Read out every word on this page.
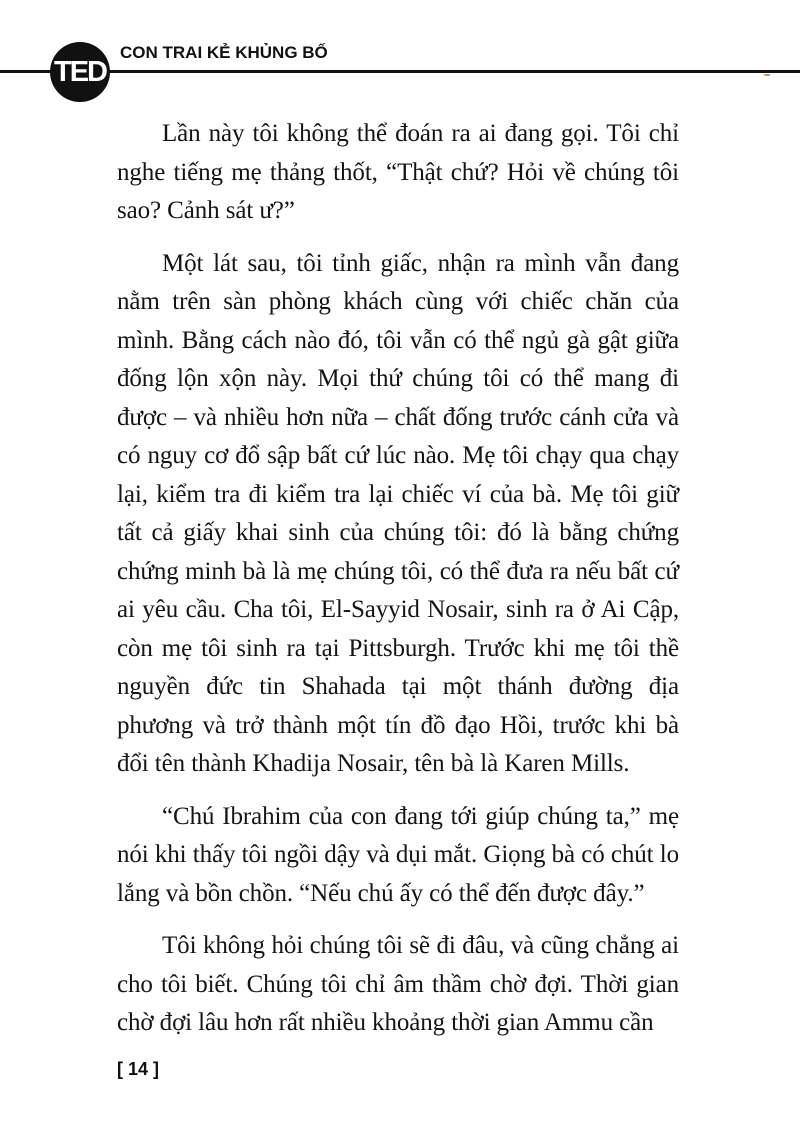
TED
CON TRAI KẺ KHỦNG BỐ

Lần này tôi không thể đoán ra ai đang gọi. Tôi chỉ nghe tiếng mẹ thảng thốt, “Thật chứ? Hỏi về chúng tôi sao? Cảnh sát ư?”

Một lát sau, tôi tỉnh giấc, nhận ra mình vẫn đang nằm trên sàn phòng khách cùng với chiếc chăn của mình. Bằng cách nào đó, tôi vẫn có thể ngủ gà gật giữa đống lộn xộn này. Mọi thứ chúng tôi có thể mang đi được – và nhiều hơn nữa – chất đống trước cánh cửa và có nguy cơ đổ sập bất cứ lúc nào. Mẹ tôi chạy qua chạy lại, kiểm tra đi kiểm tra lại chiếc ví của bà. Mẹ tôi giữ tất cả giấy khai sinh của chúng tôi: đó là bằng chứng chứng minh bà là mẹ chúng tôi, có thể đưa ra nếu bất cứ ai yêu cầu. Cha tôi, El-Sayyid Nosair, sinh ra ở Ai Cập, còn mẹ tôi sinh ra tại Pittsburgh. Trước khi mẹ tôi thề nguyền đức tin Shahada tại một thánh đường địa phương và trở thành một tín đồ đạo Hồi, trước khi bà đổi tên thành Khadija Nosair, tên bà là Karen Mills.

“Chú Ibrahim của con đang tới giúp chúng ta,” mẹ nói khi thấy tôi ngồi dậy và dụi mắt. Giọng bà có chút lo lắng và bồn chồn. “Nếu chú ấy có thể đến được đây.”

Tôi không hỏi chúng tôi sẽ đi đâu, và cũng chẳng ai cho tôi biết. Chúng tôi chỉ âm thầm chờ đợi. Thời gian chờ đợi lâu hơn rất nhiều khoảng thời gian Ammu cần

[ 14 ]
